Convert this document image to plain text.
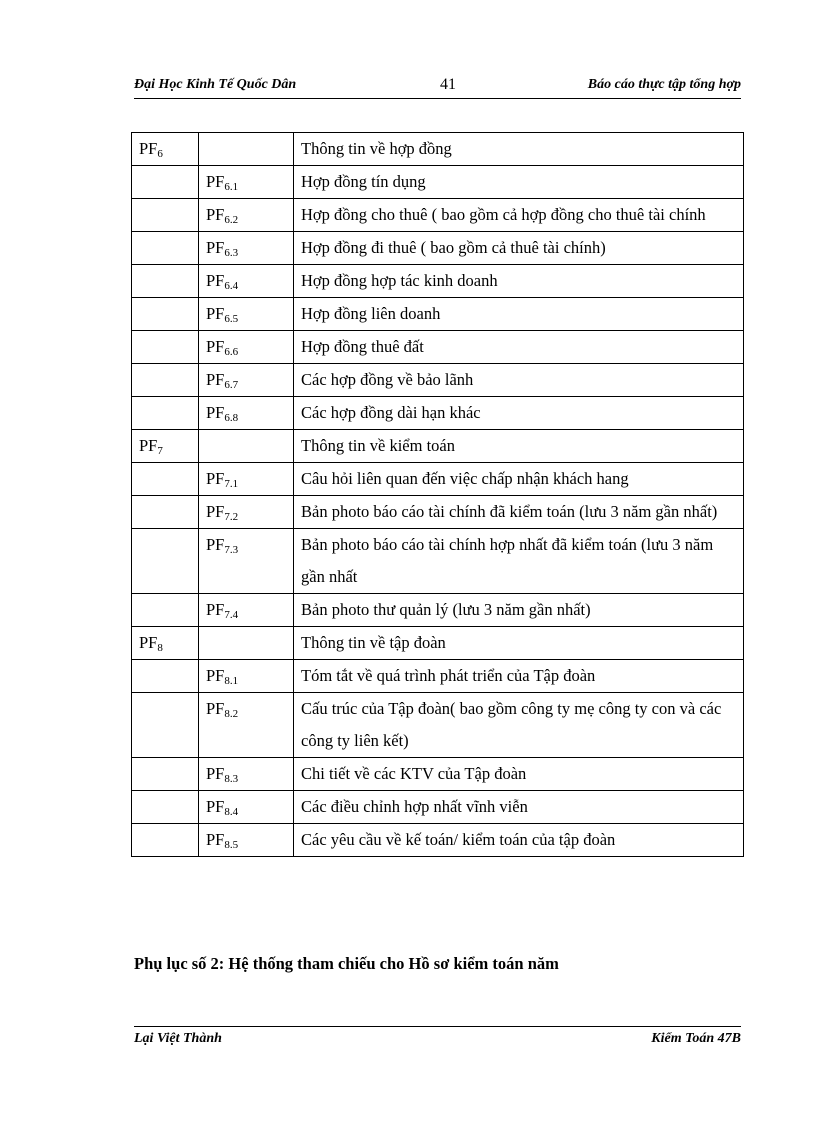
Đại Học Kinh Tế Quốc Dân	41	Báo cáo thực tập tổng hợp
$PF_6$		Thông tin về hợp đồng
	$PF_{6.1}$	Hợp đồng tín dụng
	$PF_{6.2}$	Hợp đồng cho thuê ( bao gồm cả hợp đồng cho thuê tài chính
	$PF_{6.3}$	Hợp đồng đi thuê ( bao gồm cả thuê tài chính)
	$PF_{6.4}$	Hợp đồng hợp tác kinh doanh
	$PF_{6.5}$	Hợp đồng liên doanh
	$PF_{6.6}$	Hợp đồng thuê đất
	$PF_{6.7}$	Các hợp đồng về bảo lãnh
	$PF_{6.8}$	Các hợp đồng dài hạn khác
$PF_7$		Thông tin về kiểm toán
	$PF_{7.1}$	Câu hỏi liên quan đến việc chấp nhận khách hang
	$PF_{7.2}$	Bản photo báo cáo tài chính đã kiểm toán (lưu 3 năm gần nhất)
	$PF_{7.3}$	Bản photo báo cáo tài chính hợp nhất đã kiểm toán (lưu 3 năm gần nhất
	$PF_{7.4}$	Bản photo thư quản lý (lưu 3 năm gần nhất)
$PF_8$		Thông tin về tập đoàn
	$PF_{8.1}$	Tóm tắt về quá trình phát triển của Tập đoàn
	$PF_{8.2}$	Cấu trúc của Tập đoàn( bao gồm công ty mẹ công ty con và các công ty liên kết)
	$PF_{8.3}$	Chi tiết về các KTV của Tập đoàn
	$PF_{8.4}$	Các điều chỉnh hợp nhất vĩnh viễn
	$PF_{8.5}$	Các yêu cầu về kế toán/ kiểm toán của tập đoàn
Phụ lục số 2: Hệ thống tham chiếu cho Hồ sơ kiểm toán năm
Lại Việt Thành	Kiểm Toán 47B
